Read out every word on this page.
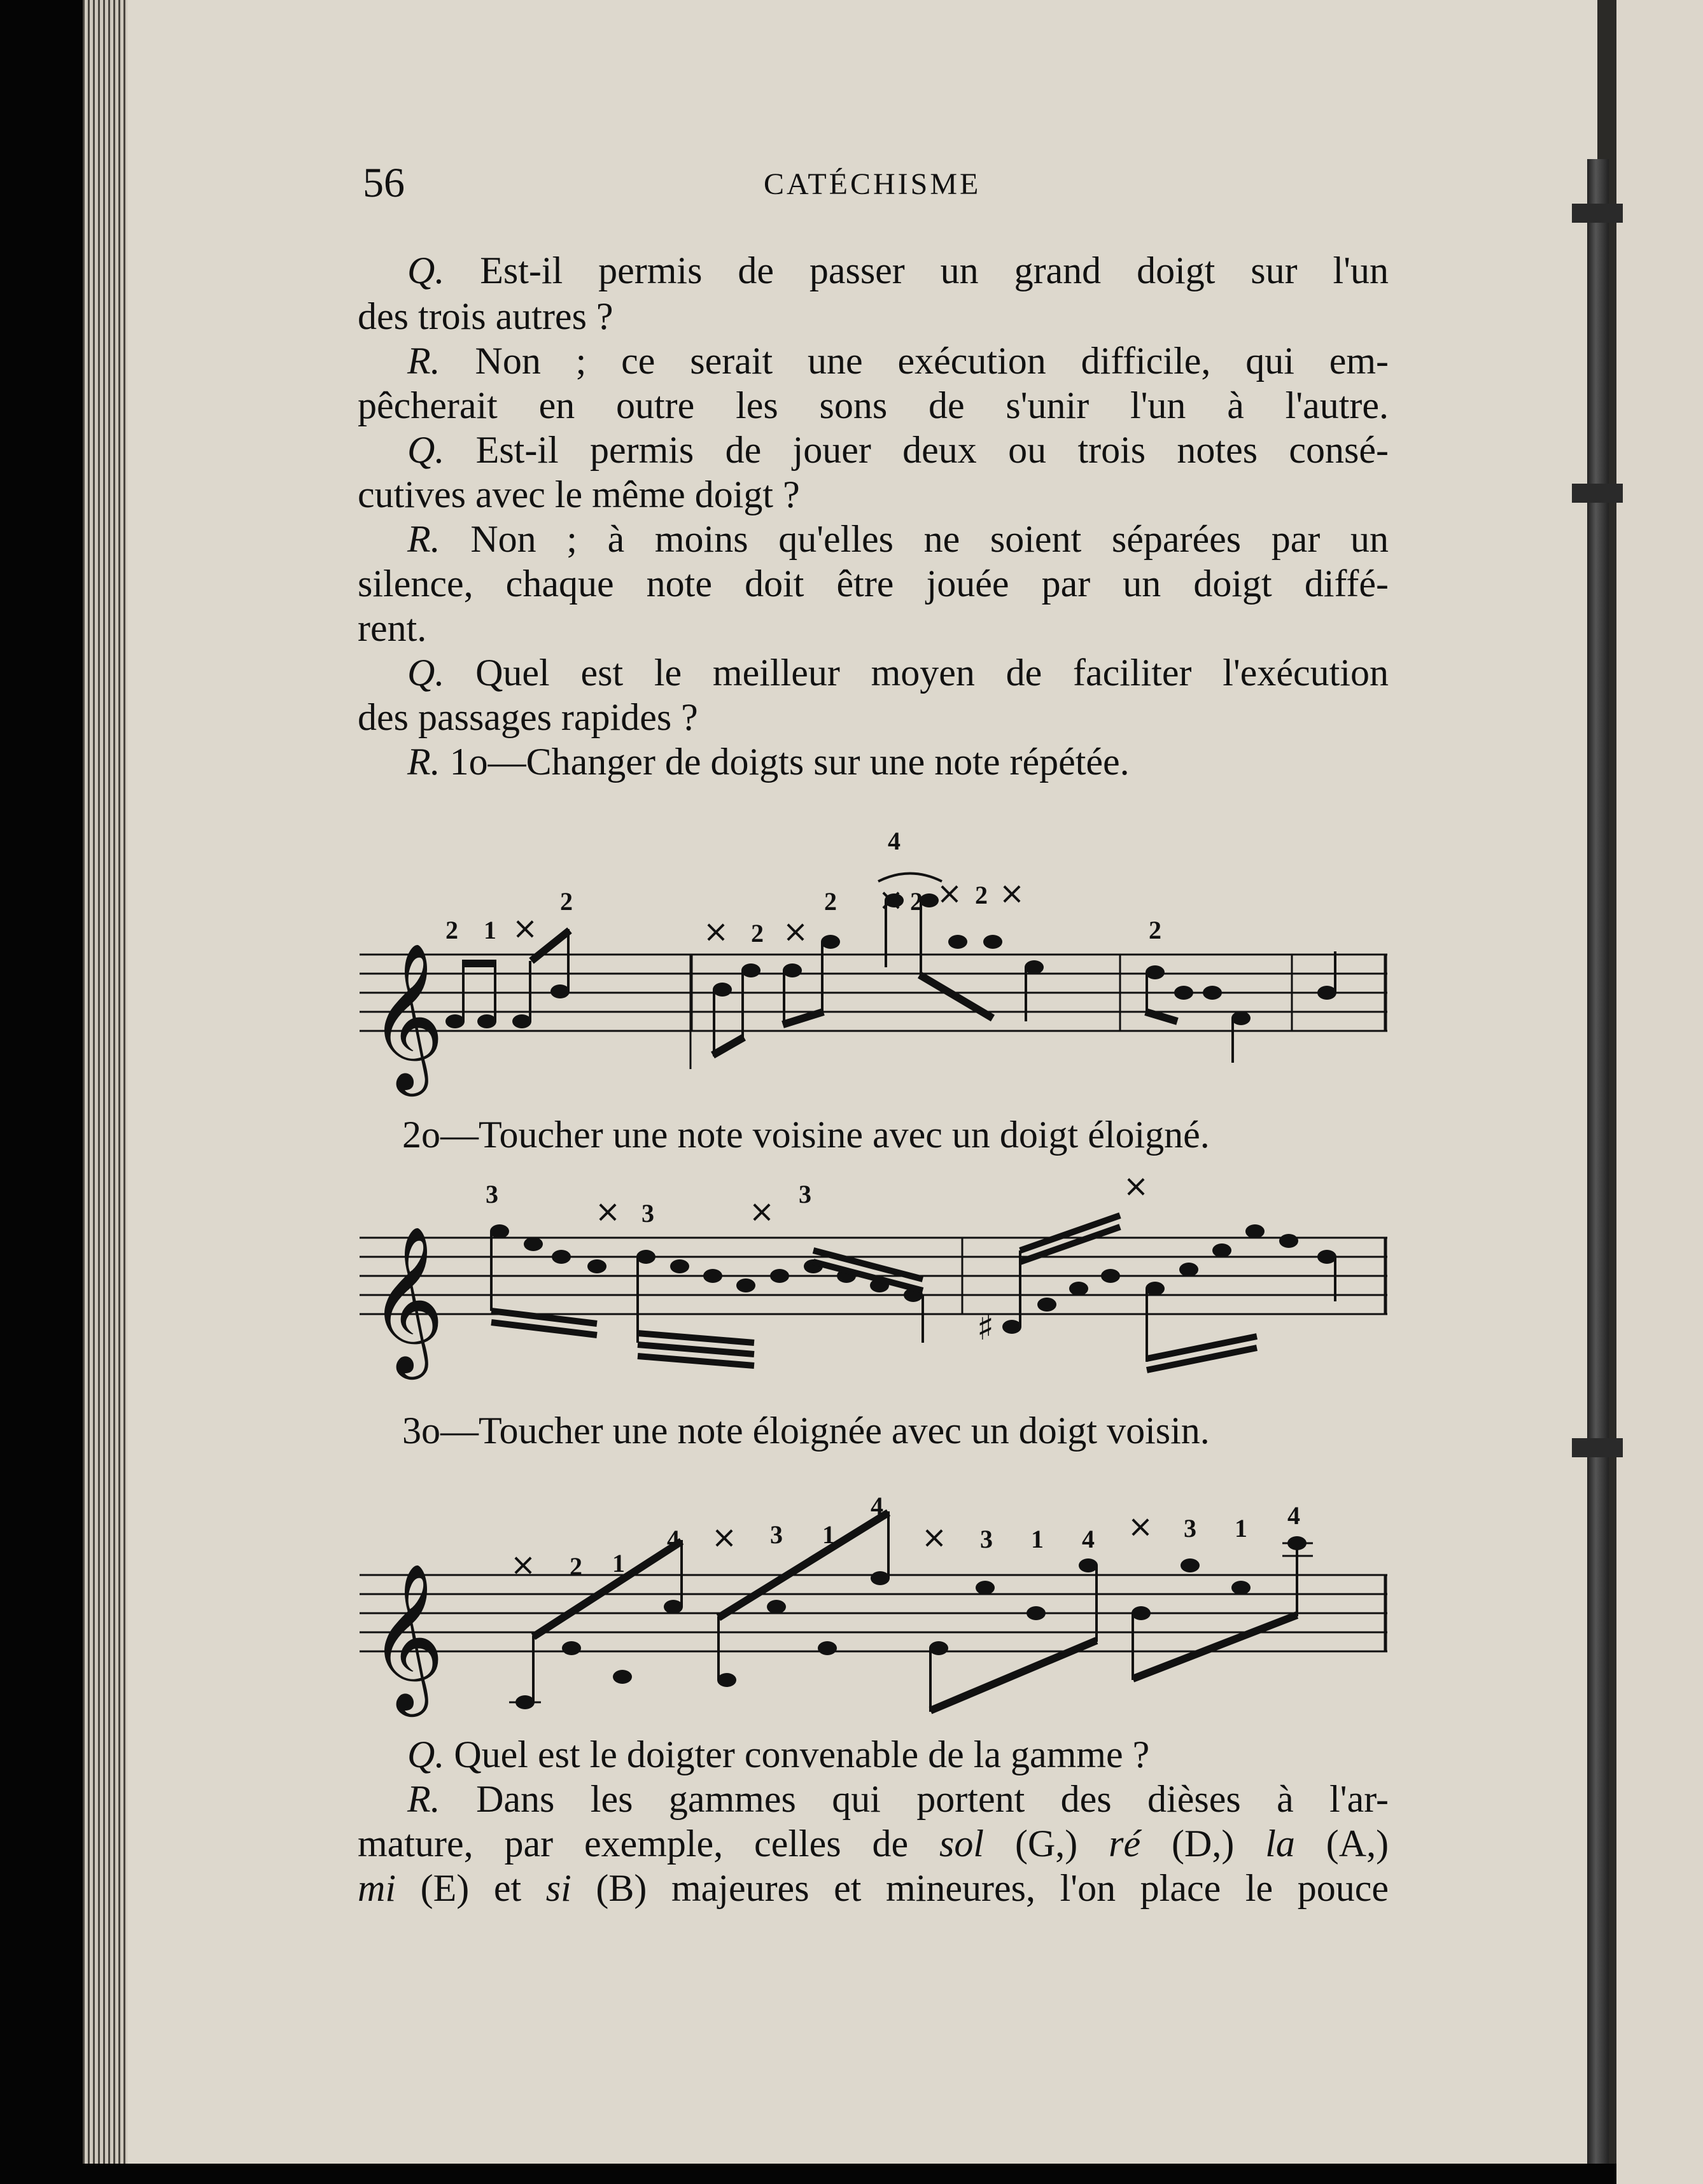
56	CATÉCHISME
Q. Est-il permis de passer un grand doigt sur l'un
des trois autres ?
R. Non ; ce serait une exécution difficile, qui em-
pêcherait en outre les sons de s'unir l'un à l'autre.
Q. Est-il permis de jouer deux ou trois notes consé-
cutives avec le même doigt ?
R. Non ; à moins qu'elles ne soient séparées par un
silence, chaque note doit être jouée par un doigt diffé-
rent.
Q. Quel est le meilleur moyen de faciliter l'exécution
des passages rapides ?
R. 1o—Changer de doigts sur une note répétée.
𝄞
2 1 ×
2
× 2 ×
2
4
× 2 × 2 ×
2
2o—Toucher une note voisine avec un doigt éloigné.
𝄞	♯
3	× 3	× 3	×
3o—Toucher une note éloignée avec un doigt voisin.
𝄞 × 2 1
4 × 3 1
4
× 3 1 4 × 3 1 4
Q. Quel est le doigter convenable de la gamme ?
R. Dans les gammes qui portent des dièses à l'ar-
mature, par exemple, celles de sol (G,) ré (D,) la (A,)
mi (E) et si (B) majeures et mineures, l'on place le pouce
